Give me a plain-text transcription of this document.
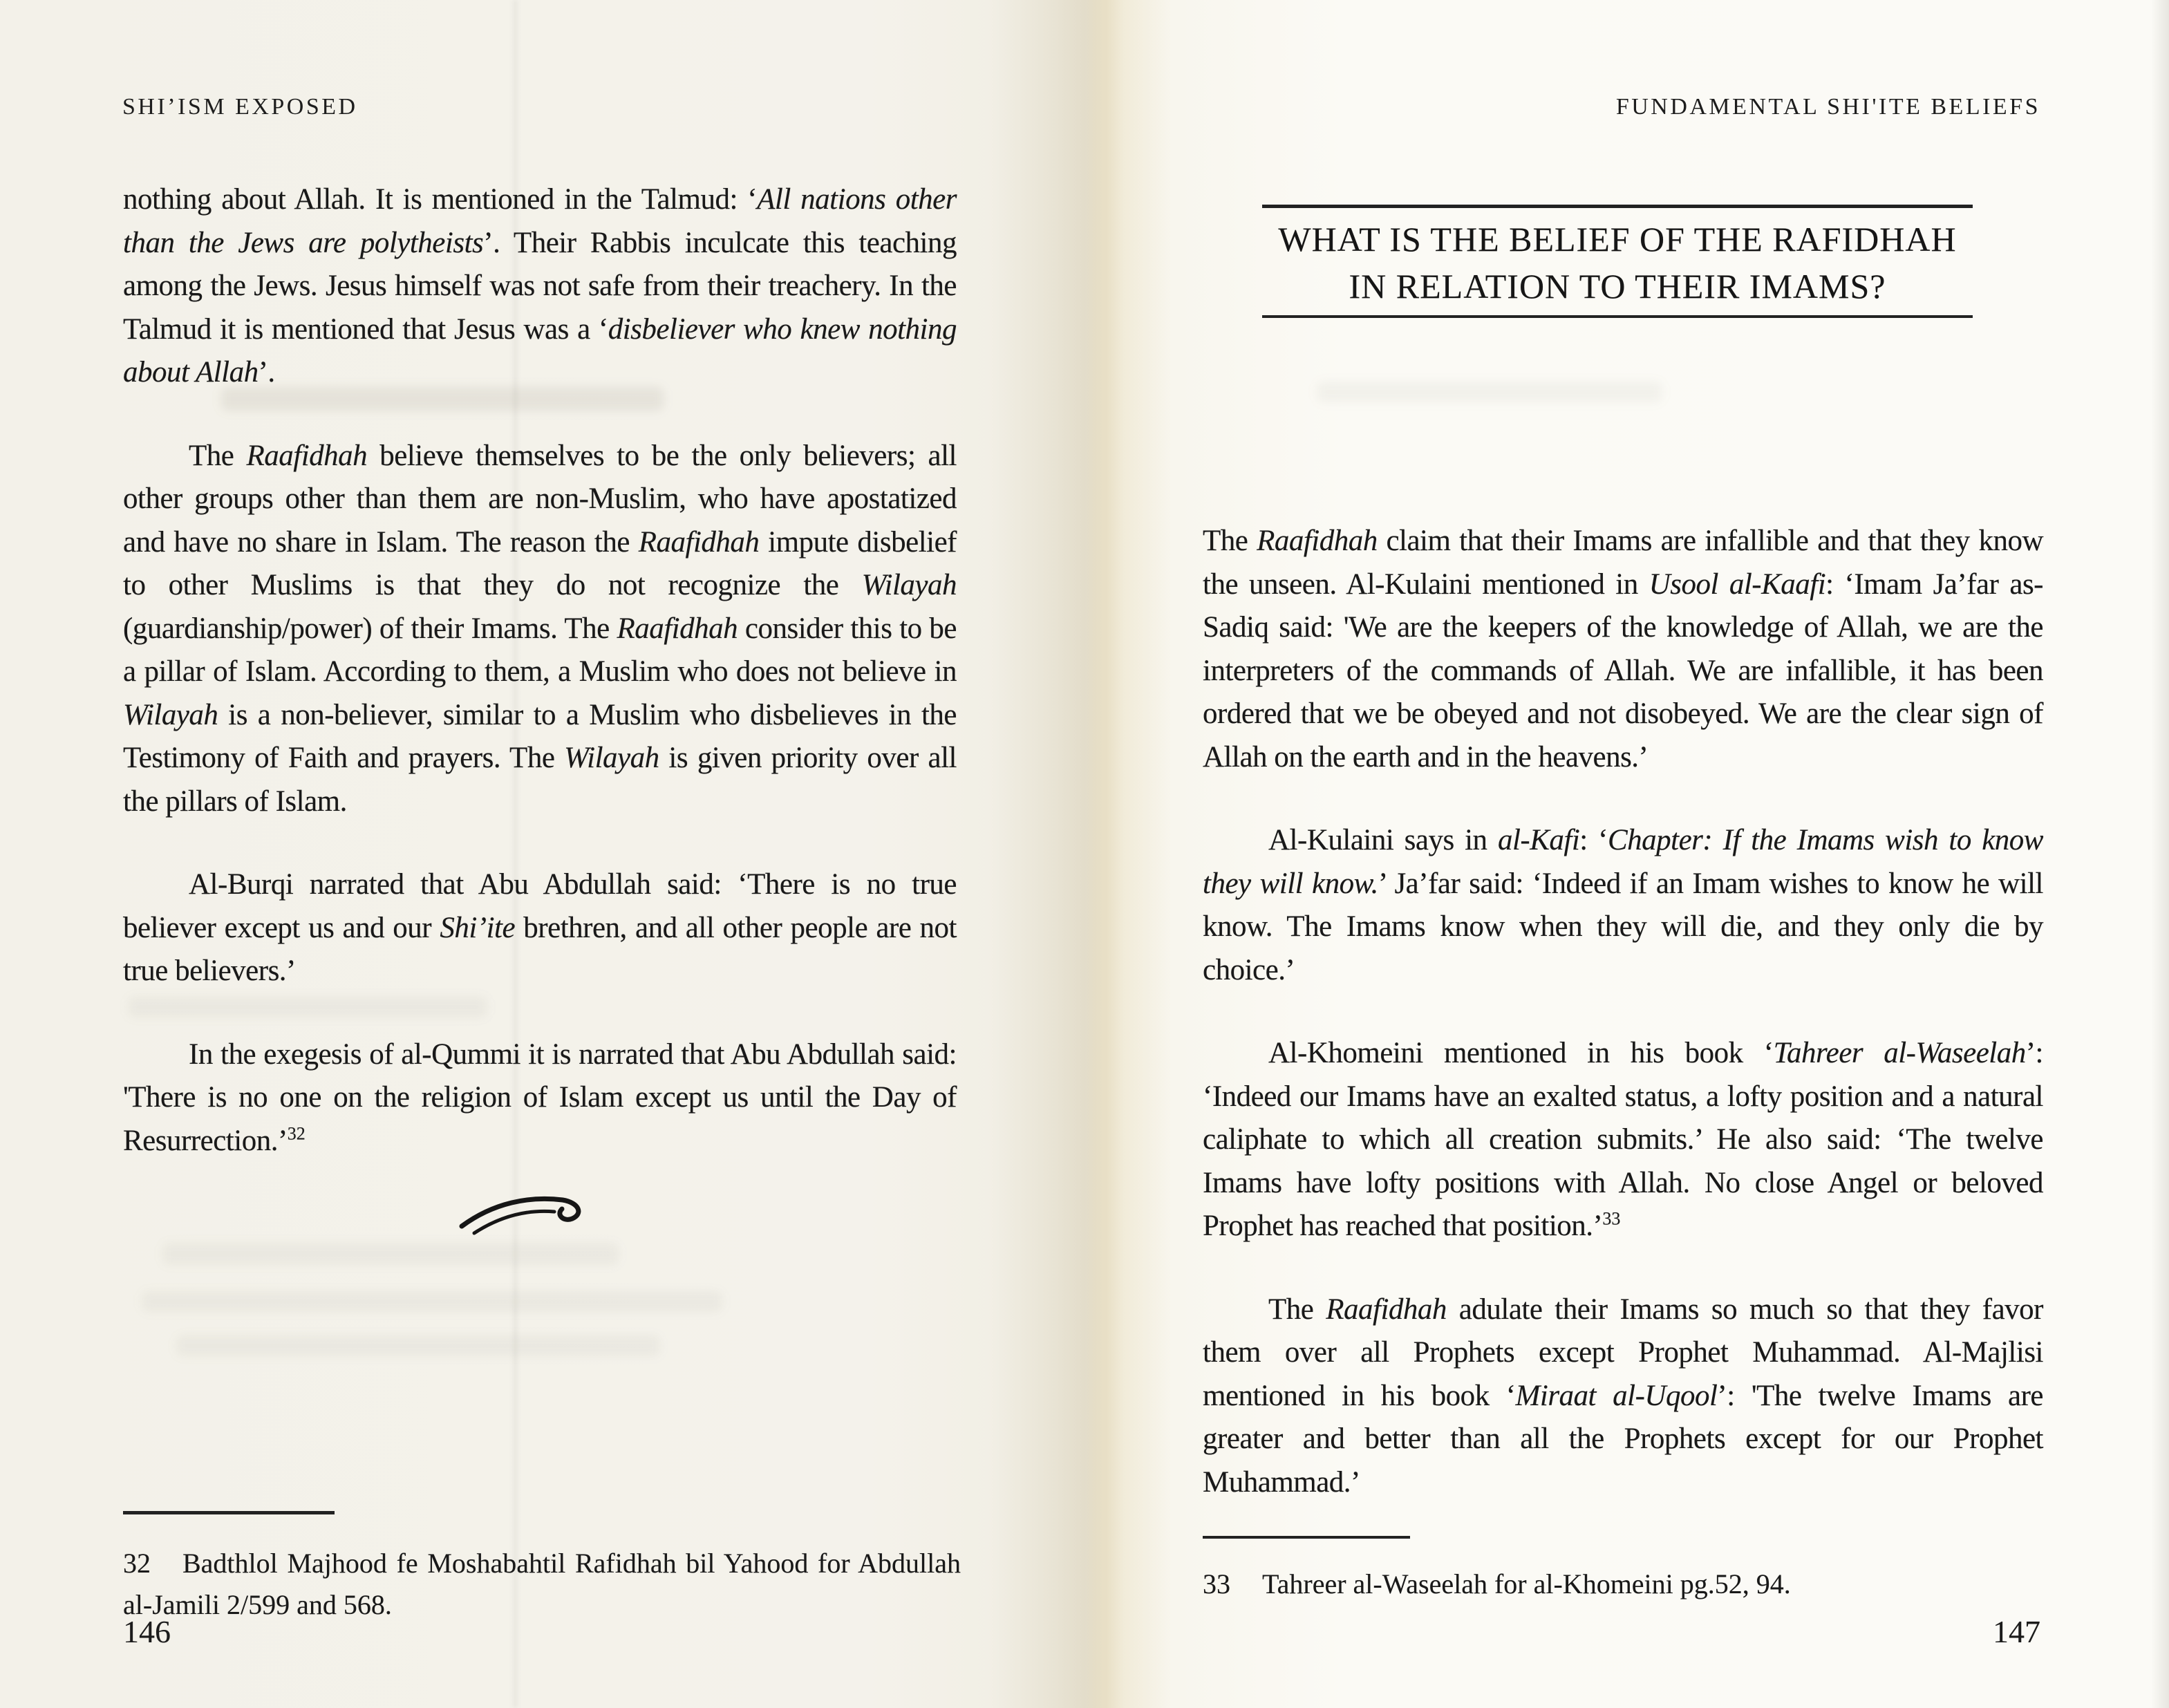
SHI’ISM EXPOSED	FUNDAMENTAL SHI'ITE BELIEFS
WHAT IS THE BELIEF OF THE RAFIDHAH
IN RELATION TO THEIR IMAMS?

nothing about Allah. It is mentioned in the Talmud: ‘All nations other than the Jews are polytheists’. Their Rabbis inculcate this teaching among the Jews. Jesus himself was not safe from their treachery. In the Talmud it is mentioned that Jesus was a ‘disbeliever who knew nothing about Allah’.

The Raafidhah believe themselves to be the only believers; all other groups other than them are non-Muslim, who have apostatized and have no share in Islam. The reason the Raafidhah impute disbelief to other Muslims is that they do not recognize the Wilayah (guardianship/power) of their Imams. The Raafidhah consider this to be a pillar of Islam. According to them, a Muslim who does not believe in Wilayah is a non-believer, similar to a Muslim who disbelieves in the Testimony of Faith and prayers. The Wilayah is given priority over all the pillars of Islam.

Al-Burqi narrated that Abu Abdullah said: ‘There is no true believer except us and our Shi’ite brethren, and all other people are not true believers.’

In the exegesis of al-Qummi it is narrated that Abu Abdullah said: 'There is no one on the religion of Islam except us until the Day of Resurrection.’$^{32}$

The Raafidhah claim that their Imams are infallible and that they know the unseen. Al-Kulaini mentioned in Usool al-Kaafi: ‘Imam Ja’far as-Sadiq said: 'We are the keepers of the knowledge of Allah, we are the interpreters of the commands of Allah. We are infallible, it has been ordered that we be obeyed and not disobeyed. We are the clear sign of Allah on the earth and in the heavens.’

Al-Kulaini says in al-Kafi: ‘Chapter: If the Imams wish to know they will know.’ Ja’far said: ‘Indeed if an Imam wishes to know he will know. The Imams know when they will die, and they only die by choice.’

Al-Khomeini mentioned in his book ‘Tahreer al-Waseelah’: ‘Indeed our Imams have an exalted status, a lofty position and a natural caliphate to which all creation submits.’ He also said: ‘The twelve Imams have lofty positions with Allah. No close Angel or beloved Prophet has reached that position.’$^{33}$

The Raafidhah adulate their Imams so much so that they favor them over all Prophets except Prophet Muhammad. Al-Majlisi mentioned in his book ‘Miraat al-Uqool’: 'The twelve Imams are greater and better than all the Prophets except for our Prophet Muhammad.’

32 Badthlol Majhood fe Moshabahtil Rafidhah bil Yahood for Abdullah al-Jamili 2/599 and 568.
33 Tahreer al-Waseelah for al-Khomeini pg.52, 94.
146	147
